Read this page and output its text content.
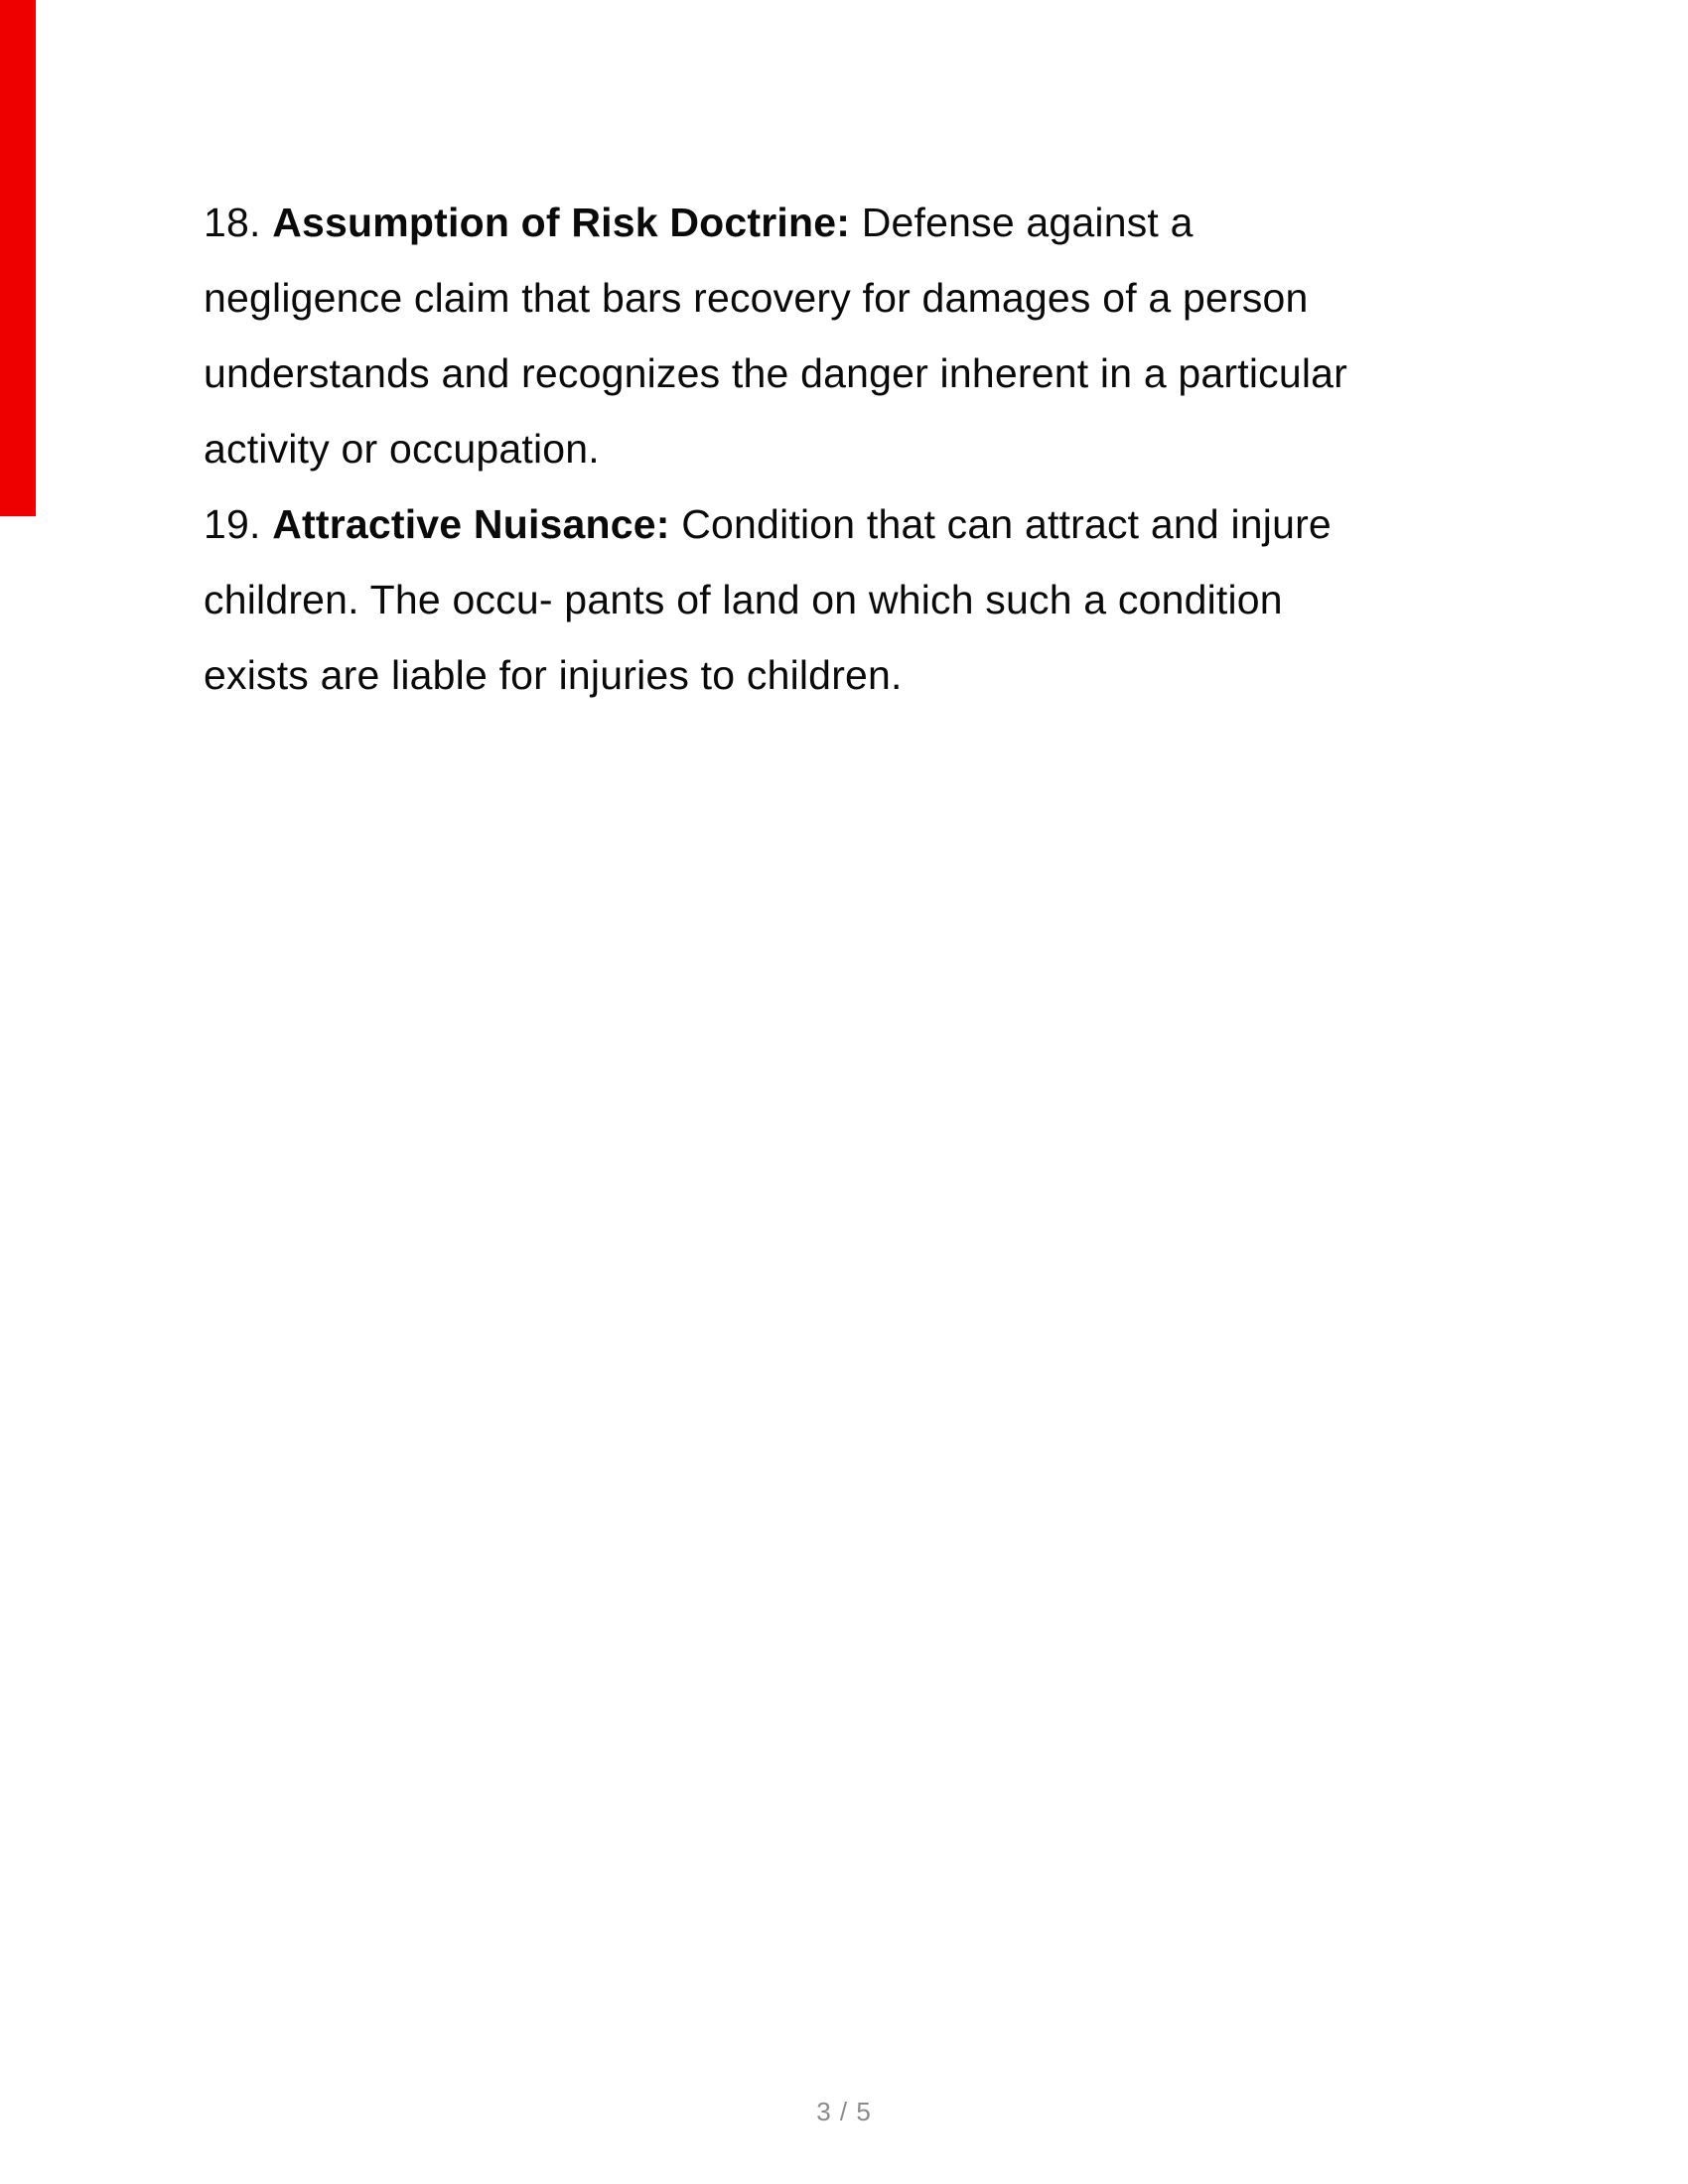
18. Assumption of Risk Doctrine: Defense against a
negligence claim that bars recovery for damages of a person
understands and recognizes the danger inherent in a particular
activity or occupation.
19. Attractive Nuisance: Condition that can attract and injure
children. The occu- pants of land on which such a condition
exists are liable for injuries to children.
3 / 5
